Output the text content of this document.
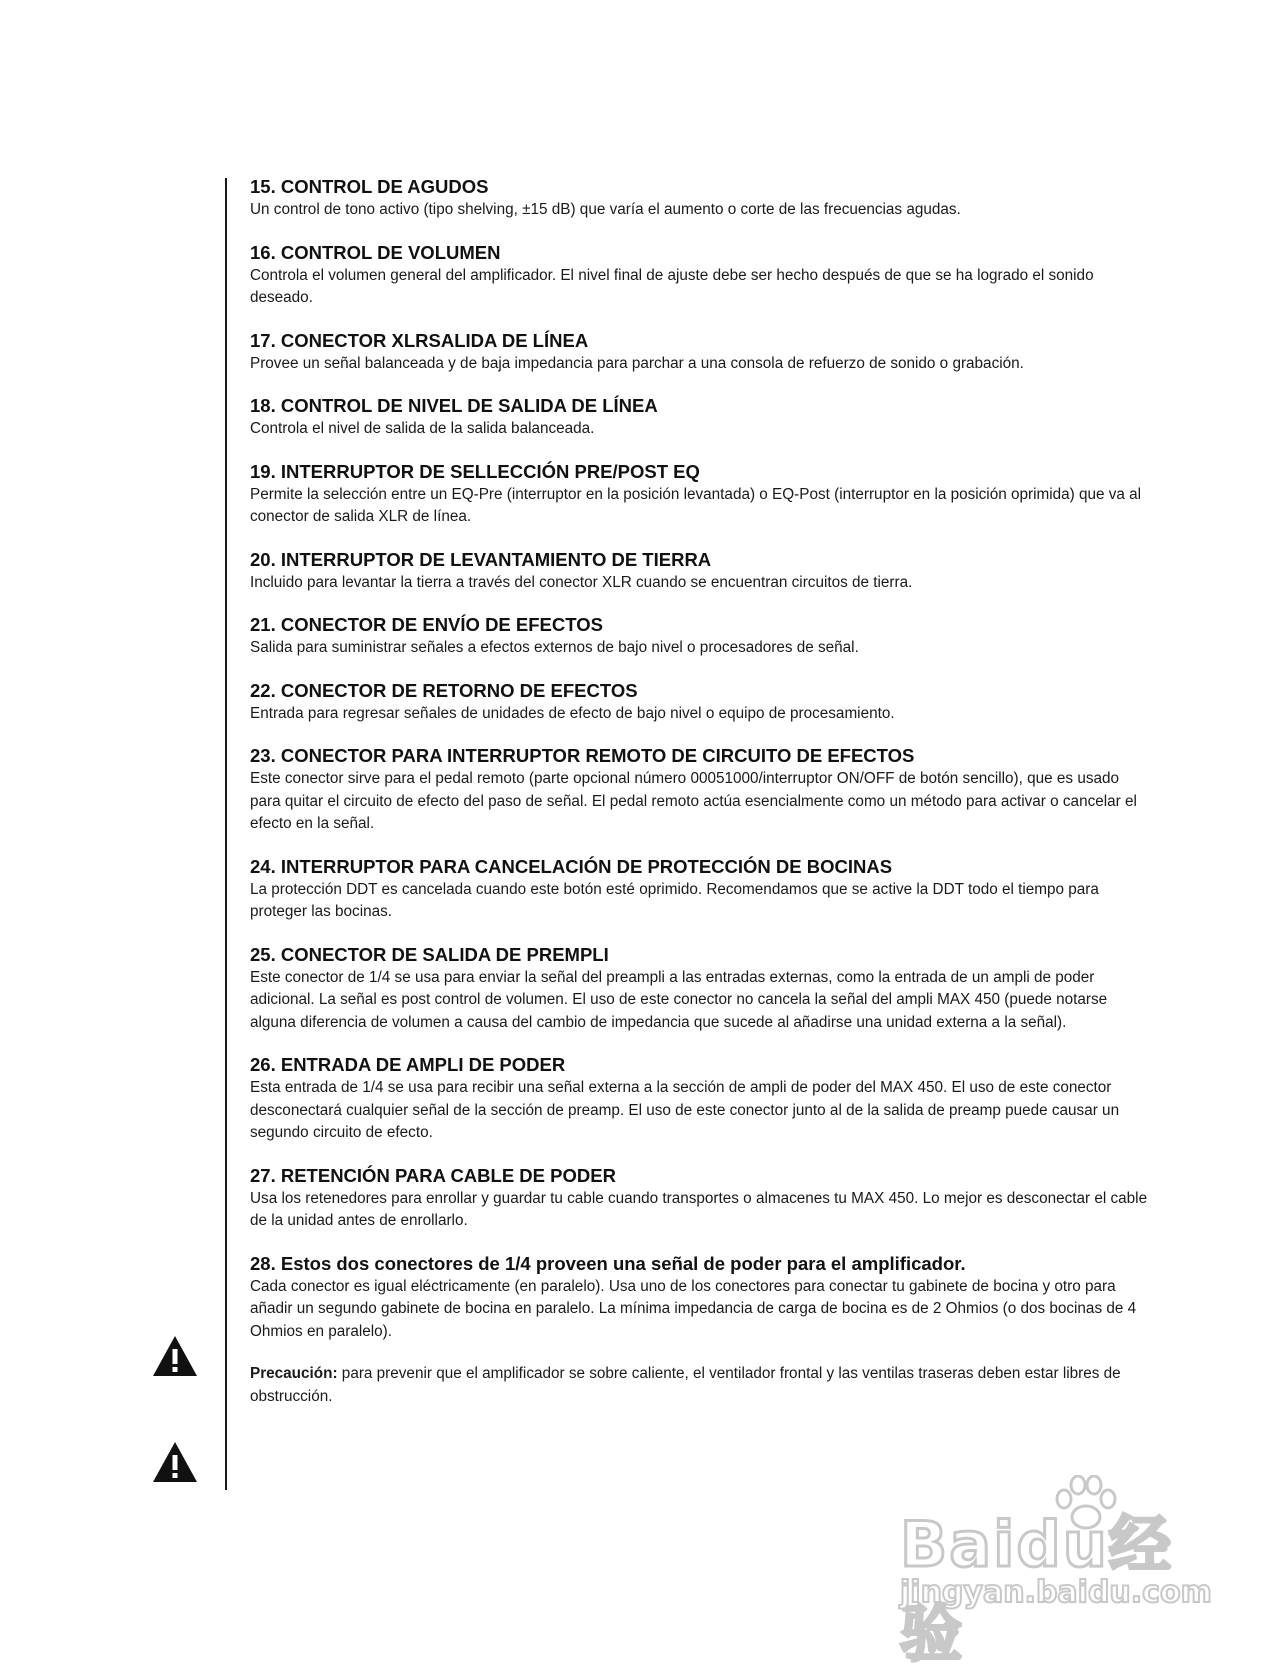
15. CONTROL DE AGUDOS

Un control de tono activo (tipo shelving, ±15 dB) que varía el aumento o corte de las frecuencias agudas.

16. CONTROL DE VOLUMEN

Controla el volumen general del amplificador. El nivel final de ajuste debe ser hecho después de que se ha logrado el sonido deseado.

17. CONECTOR XLRSALIDA DE LÍNEA

Provee un señal balanceada y de baja impedancia para parchar a una consola de refuerzo de sonido o grabación.

18. CONTROL DE NIVEL DE SALIDA DE LÍNEA

Controla el nivel de salida de la salida balanceada.

19. INTERRUPTOR DE SELLECCIÓN PRE/POST EQ

Permite la selección entre un EQ-Pre (interruptor en la posición levantada) o EQ-Post (interruptor en la posición oprimida) que va al conector de salida XLR de línea.

20. INTERRUPTOR DE LEVANTAMIENTO DE TIERRA

Incluido para levantar la tierra a través del conector XLR cuando se encuentran circuitos de tierra.

21. CONECTOR DE ENVÍO DE EFECTOS

Salida para suministrar señales a efectos externos de bajo nivel o procesadores de señal.

22. CONECTOR DE RETORNO DE EFECTOS

Entrada para regresar señales de unidades de efecto de bajo nivel o equipo de procesamiento.

23. CONECTOR PARA INTERRUPTOR REMOTO DE CIRCUITO DE EFECTOS

Este conector sirve para el pedal remoto (parte opcional número 00051000/interruptor ON/OFF de botón sencillo), que es usado para quitar el circuito de efecto del paso de señal. El pedal remoto actúa esencialmente como un método para activar o cancelar el efecto en la señal.

24. INTERRUPTOR PARA CANCELACIÓN DE PROTECCIÓN DE BOCINAS

La protección DDT es cancelada cuando este botón esté oprimido. Recomendamos que se active la DDT todo el tiempo para proteger las bocinas.

25. CONECTOR DE SALIDA DE PREMPLI

Este conector de 1/4 se usa para enviar la señal del preampli a las entradas externas, como la entrada de un ampli de poder adicional. La señal es post control de volumen. El uso de este conector no cancela la señal del ampli MAX 450 (puede notarse alguna diferencia de volumen a causa del cambio de impedancia que sucede al añadirse una unidad externa a la señal).

26. ENTRADA DE AMPLI DE PODER

Esta entrada de 1/4 se usa para recibir una señal externa a la sección de ampli de poder del MAX 450. El uso de este conector desconectará cualquier señal de la sección de preamp. El uso de este conector junto al de la salida de preamp puede causar un segundo circuito de efecto.

27. RETENCIÓN PARA CABLE DE PODER

Usa los retenedores para enrollar y guardar tu cable cuando transportes o almacenes tu MAX 450. Lo mejor es desconectar el cable de la unidad antes de enrollarlo.

28. Estos dos conectores de 1/4 proveen una señal de poder para el amplificador.

Cada conector es igual eléctricamente (en paralelo). Usa uno de los conectores para conectar tu gabinete de bocina y otro para añadir un segundo gabinete de bocina en paralelo. La mínima impedancia de carga de bocina es de 2 Ohmios (o dos bocinas de 4 Ohmios en paralelo).

Precaución: para prevenir que el amplificador se sobre caliente, el ventilador frontal y las ventilas traseras deben estar libres de obstrucción.

Baidu经验
jingyan.baidu.com
